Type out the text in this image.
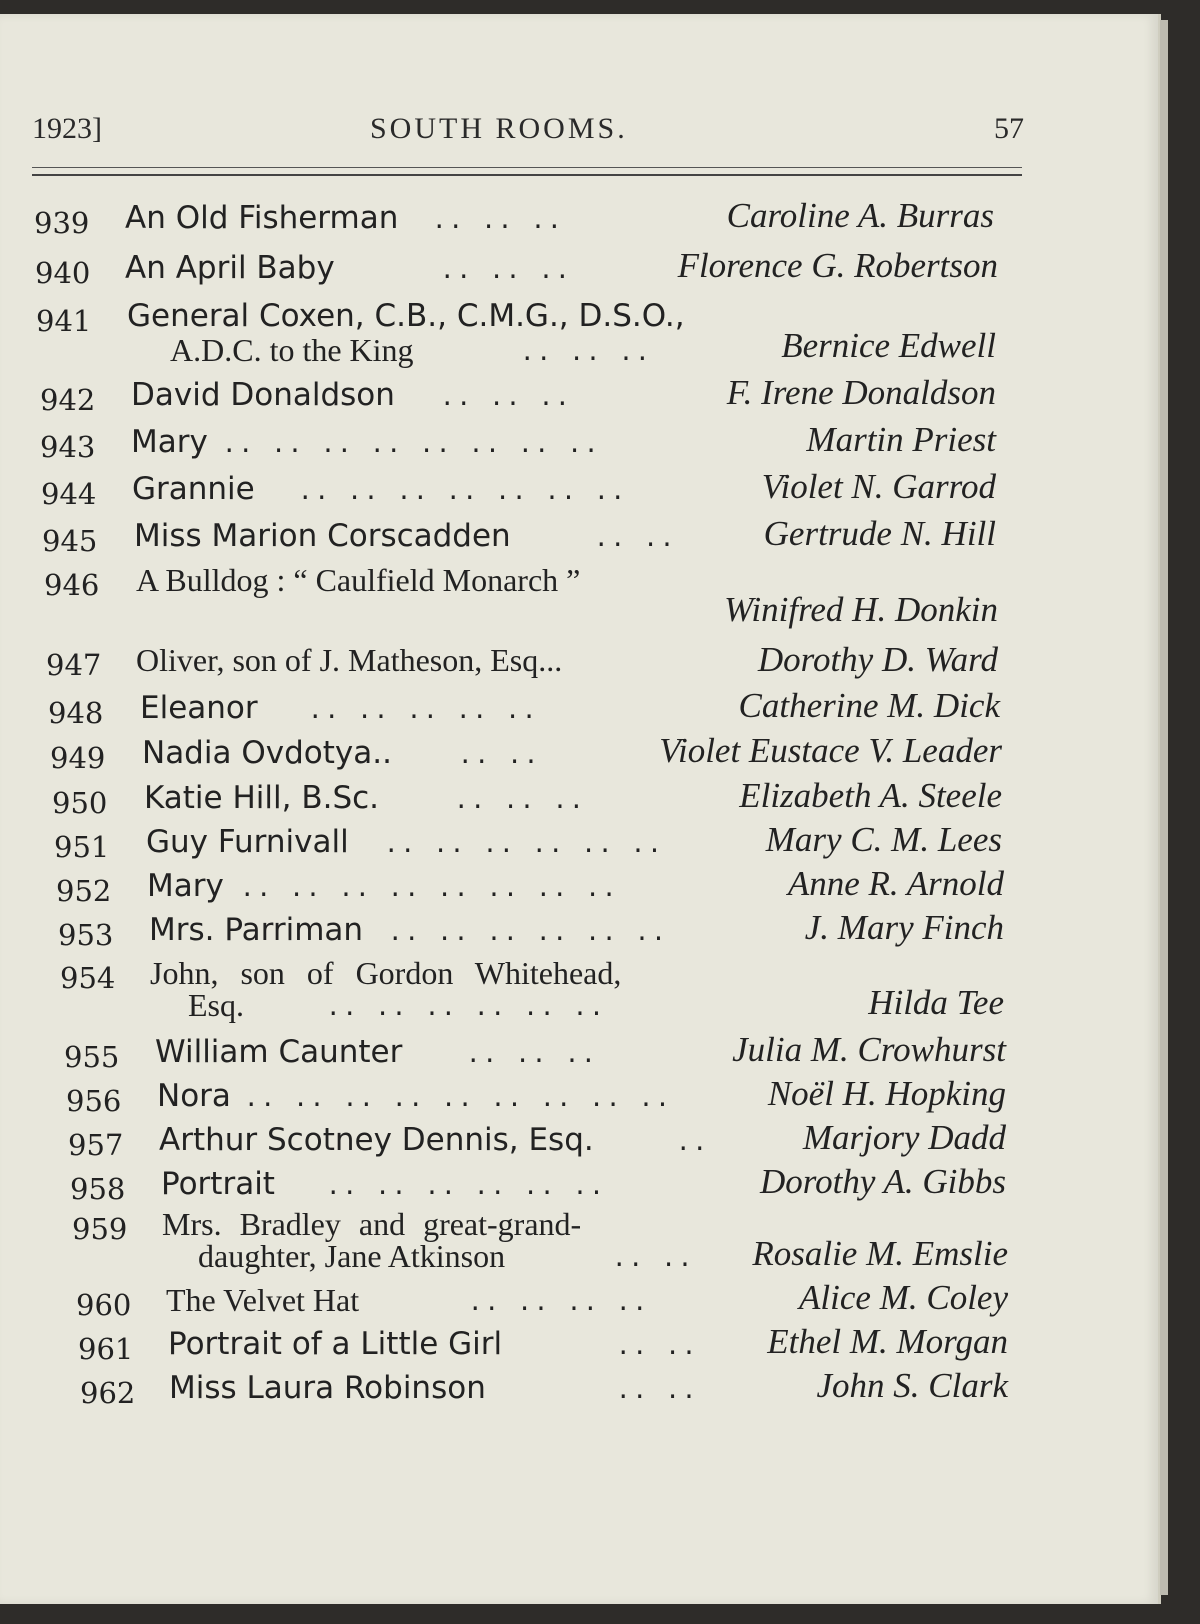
1923]	SOUTH ROOMS.	57
939 An Old Fisherman .. .. ..	Caroline A. Burras
940 An April Baby	.. .. ..	Florence G. Robertson
941 General Coxen, C.B., C.M.G., D.S.O.,
A.D.C. to the King	.. .. ..	Bernice Edwell
942 David Donaldson .. .. ..	F. Irene Donaldson
943 Mary .. .. .. .. .. .. .. ..	Martin Priest
944 Grannie .. .. .. .. .. .. ..	Violet N. Garrod
945 Miss Marion Corscadden	.. .. Gertrude N. Hill
946 A Bulldog : “ Caulfield Monarch ”
Winifred H. Donkin
947 Oliver, son of J. Matheson, Esq...	Dorothy D. Ward
948 Eleanor .. .. .. .. ..	Catherine M. Dick
949 Nadia Ovdotya..	.. ..	Violet Eustace V. Leader
950 Katie Hill, B.Sc.	.. .. ..	Elizabeth A. Steele
951 Guy Furnivall .. .. .. .. .. ..	Mary C. M. Lees
952 Mary .. .. .. .. .. .. .. ..	Anne R. Arnold
953 Mrs. Parriman .. .. .. .. .. ..	J. Mary Finch
954 John, son of Gordon Whitehead,
Esq.	.. .. .. .. .. ..	Hilda Tee
955 William Caunter	.. .. ..	Julia M. Crowhurst
956 Nora .. .. .. .. .. .. .. .. ..	Noël H. Hopking
957 Arthur Scotney Dennis, Esq.	..	Marjory Dadd
958 Portrait .. .. .. .. .. ..	Dorothy A. Gibbs
959 Mrs. Bradley and great-grand-
daughter, Jane Atkinson	.. .. Rosalie M. Emslie
960 The Velvet Hat	.. .. .. ..	Alice M. Coley
961 Portrait of a Little Girl	.. .. Ethel M. Morgan
962 Miss Laura Robinson	.. ..	John S. Clark
